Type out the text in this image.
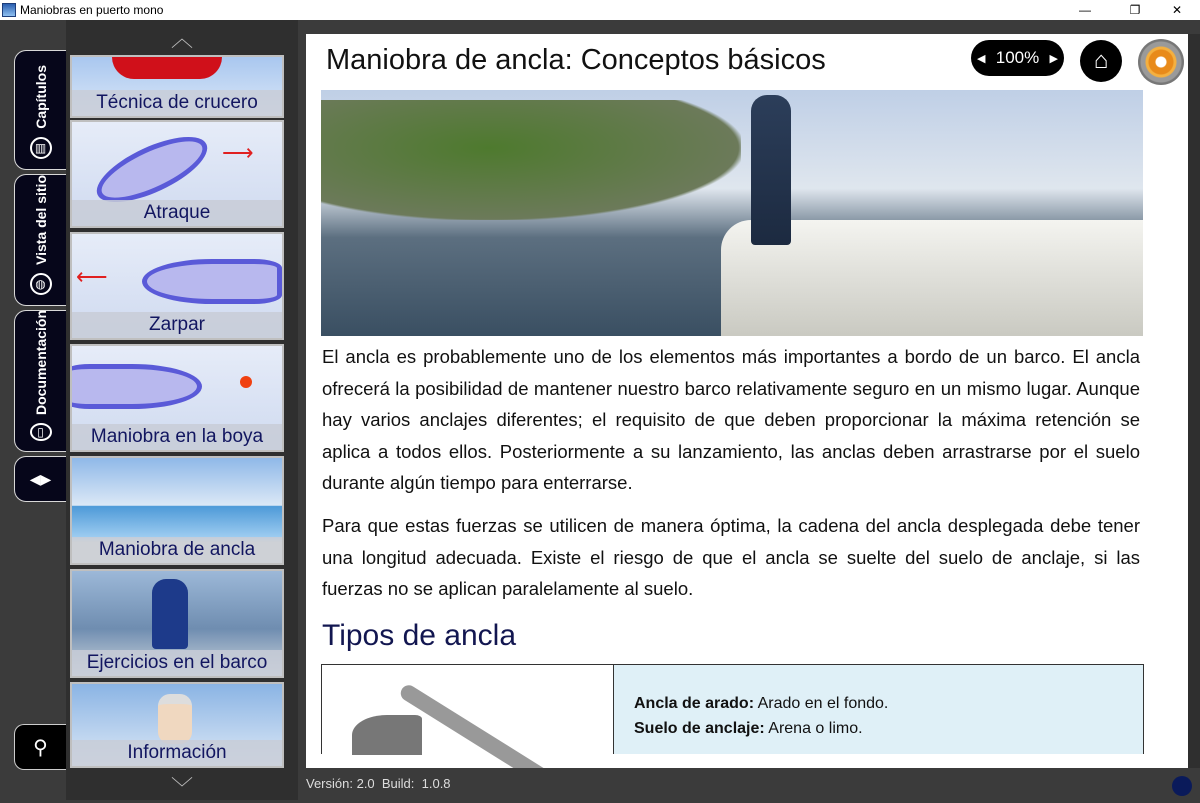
Maniobras en puerto mono	—	❐	✕
Capítulos
▥
Vista del sitio
◍
Documentación
▯
◀▶
⚲
︿
Técnica de crucero
⟶
Atraque
⟵
Zarpar
Maniobra en la boya
Maniobra de ancla
Ejercicios en el barco
Información
﹀
Maniobra de ancla: Conceptos básicos	◀ 100% ▶ ⌂
El ancla es probablemente uno de los elementos más importantes a bordo de un barco. El ancla ofrecerá la posibilidad de mantener nuestro barco relativamente seguro en un mismo lugar. Aunque hay varios anclajes diferentes; el requisito de que deben proporcionar la máxima retención se aplica a todos ellos. Posteriormente a su lanzamiento, las anclas deben arrastrarse por el suelo durante algún tiempo para enterrarse.
Para que estas fuerzas se utilicen de manera óptima, la cadena del ancla desplegada debe tener una longitud adecuada. Existe el riesgo de que el ancla se suelte del suelo de anclaje, si las fuerzas no se aplican paralelamente al suelo.
Tipos de ancla
Ancla de arado: Arado en el fondo.
Suelo de anclaje: Arena o limo.
Versión: 2.0  Build:  1.0.8
